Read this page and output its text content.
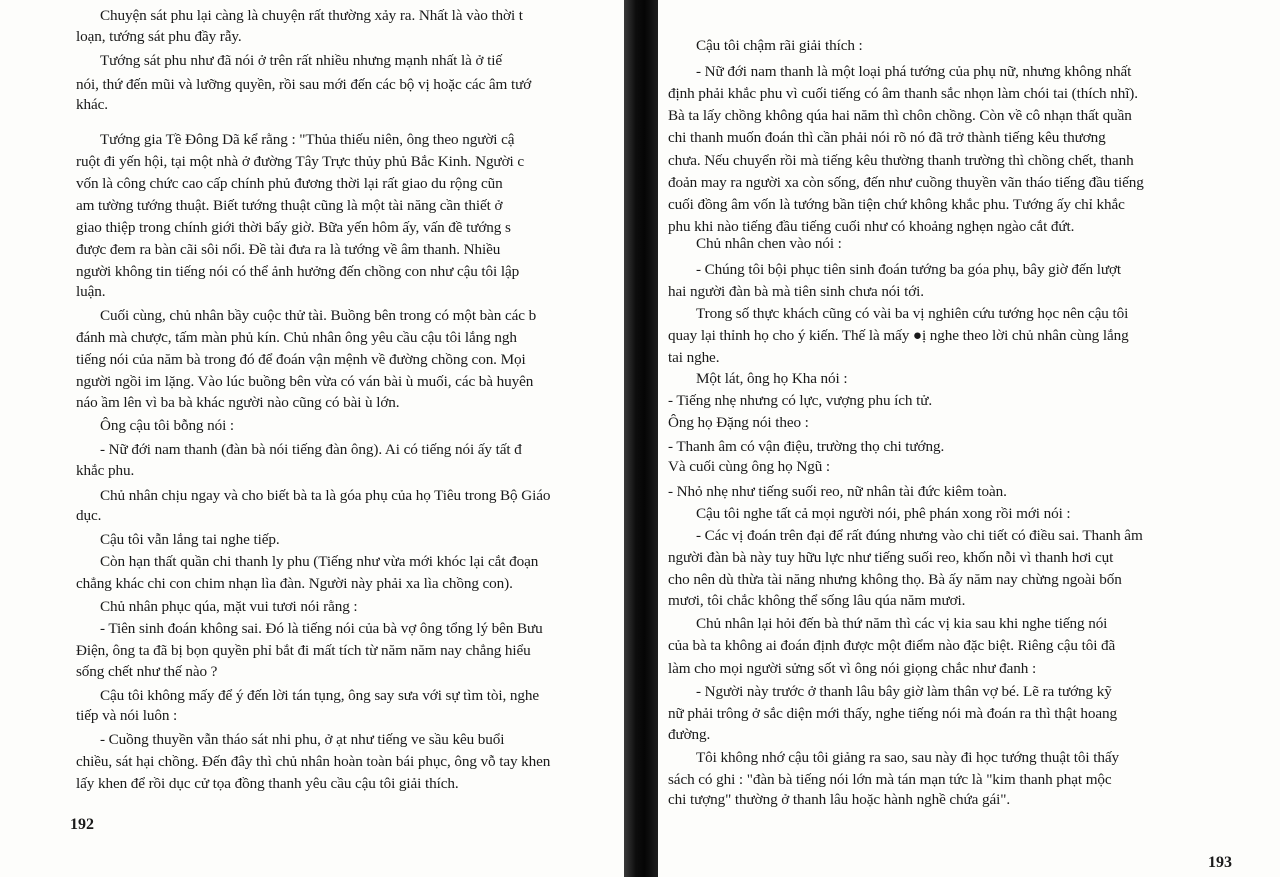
Chuyện sát phu lại càng là chuyện rất thường xảy ra. Nhất là vào thời t

loạn, tướng sát phu đầy rẫy.

Tướng sát phu như đã nói ở trên rất nhiều nhưng mạnh nhất là ở tiế

nói, thứ đến mũi và lưỡng quyền, rồi sau mới đến các bộ vị hoặc các âm tướ

khác.

Tướng gia Tề Đông Dã kể rằng : "Thủa thiếu niên, ông theo người cậ

ruột đi yến hội, tại một nhà ở đường Tây Trực thủy phủ Bắc Kinh. Người c

vốn là công chức cao cấp chính phủ đương thời lại rất giao du rộng cũn

am tường tướng thuật. Biết tướng thuật cũng là một tài năng cần thiết ở

giao thiệp trong chính giới thời bấy giờ. Bữa yến hôm ấy, vấn đề tướng s

được đem ra bàn cãi sôi nổi. Đề tài đưa ra là tướng về âm thanh. Nhiều

người không tin tiếng nói có thể ảnh hưởng đến chồng con như cậu tôi lập

luận.

Cuối cùng, chủ nhân bầy cuộc thử tài. Buồng bên trong có một bàn các b

đánh mà chược, tấm màn phủ kín. Chủ nhân ông yêu cầu cậu tôi lắng ngh

tiếng nói của năm bà trong đó để đoán vận mệnh về đường chồng con. Mọi

người ngồi im lặng. Vào lúc buồng bên vừa có ván bài ù muối, các bà huyên

náo ầm lên vì ba bà khác người nào cũng có bài ù lớn.

Ông cậu tôi bỗng nói :

- Nữ đới nam thanh (đàn bà nói tiếng đàn ông). Ai có tiếng nói ấy tất đ

khắc phu.

Chủ nhân chịu ngay và cho biết bà ta là góa phụ của họ Tiêu trong Bộ Giáo

dục.

Cậu tôi vẫn lắng tai nghe tiếp.

Còn hạn thất quần chi thanh ly phu (Tiếng như vừa mới khóc lại cắt đoạn

chẳng khác chi con chim nhạn lìa đàn. Người này phải xa lìa chồng con).

Chủ nhân phục qúa, mặt vui tươi nói rằng :

- Tiên sinh đoán không sai. Đó là tiếng nói của bà vợ ông tổng lý bên Bưu

Điện, ông ta đã bị bọn quyền phỉ bắt đi mất tích từ năm năm nay chẳng hiểu

sống chết như thế nào ?

Cậu tôi không mấy để ý đến lời tán tụng, ông say sưa với sự tìm tòi, nghe

tiếp và nói luôn :

- Cuồng thuyền vẫn tháo sát nhi phu, ở ạt như tiếng ve sầu kêu buổi

chiều, sát hại chồng. Đến đây thì chủ nhân hoàn toàn bái phục, ông vỗ tay khen

lấy khen để rồi dục cử tọa đồng thanh yêu cầu cậu tôi giải thích.

192

Cậu tôi chậm rãi giải thích :

- Nữ đới nam thanh là một loại phá tướng của phụ nữ, nhưng không nhất

định phải khắc phu vì cuối tiếng có âm thanh sắc nhọn làm chói tai (thích nhĩ).

Bà ta lấy chồng không qúa hai năm thì chôn chồng. Còn về cô nhạn thất quần

chi thanh muốn đoán thì cần phải nói rõ nó đã trở thành tiếng kêu thương

chưa. Nếu chuyển rồi mà tiếng kêu thường thanh trường thì chồng chết, thanh

đoản may ra người xa còn sống, đến như cuồng thuyền vãn tháo tiếng đầu tiếng

cuối đồng âm vốn là tướng bần tiện chứ không khắc phu. Tướng ấy chỉ khắc

phu khi nào tiếng đầu tiếng cuối như có khoảng nghẹn ngào cắt đứt.

Chủ nhân chen vào nói :

- Chúng tôi bội phục tiên sinh đoán tướng ba góa phụ, bây giờ đến lượt

hai người đàn bà mà tiên sinh chưa nói tới.

Trong số thực khách cũng có vài ba vị nghiên cứu tướng học nên cậu tôi

quay lại thỉnh họ cho ý kiến. Thế là mấy ●ị nghe theo lời chủ nhân cùng lắng

tai nghe.

Một lát, ông họ Kha nói :

- Tiếng nhẹ nhưng có lực, vượng phu ích tử.

Ông họ Đặng nói theo :

- Thanh âm có vận điệu, trường thọ chi tướng.

Và cuối cùng ông họ Ngũ :

- Nhỏ nhẹ như tiếng suối reo, nữ nhân tài đức kiêm toàn.

Cậu tôi nghe tất cả mọi người nói, phê phán xong rồi mới nói :

- Các vị đoán trên đại để rất đúng nhưng vào chi tiết có điều sai. Thanh âm

người đàn bà này tuy hữu lực như tiếng suối reo, khốn nỗi vì thanh hơi cụt

cho nên dù thừa tài năng nhưng không thọ. Bà ấy năm nay chừng ngoài bốn

mươi, tôi chắc không thể sống lâu qúa năm mươi.

Chủ nhân lại hỏi đến bà thứ năm thì các vị kia sau khi nghe tiếng nói

của bà ta không ai đoán định được một điểm nào đặc biệt. Riêng cậu tôi đã

làm cho mọi người sửng sốt vì ông nói giọng chắc như đanh :

- Người này trước ở thanh lâu bây giờ làm thân vợ bé. Lẽ ra tướng kỹ

nữ phải trông ở sắc diện mới thấy, nghe tiếng nói mà đoán ra thì thật hoang

đường.

Tôi không nhớ cậu tôi giảng ra sao, sau này đi học tướng thuật tôi thấy

sách có ghi : "đàn bà tiếng nói lớn mà tán mạn tức là "kim thanh phạt mộc

chi tượng" thường ở thanh lâu hoặc hành nghề chứa gái".

193
